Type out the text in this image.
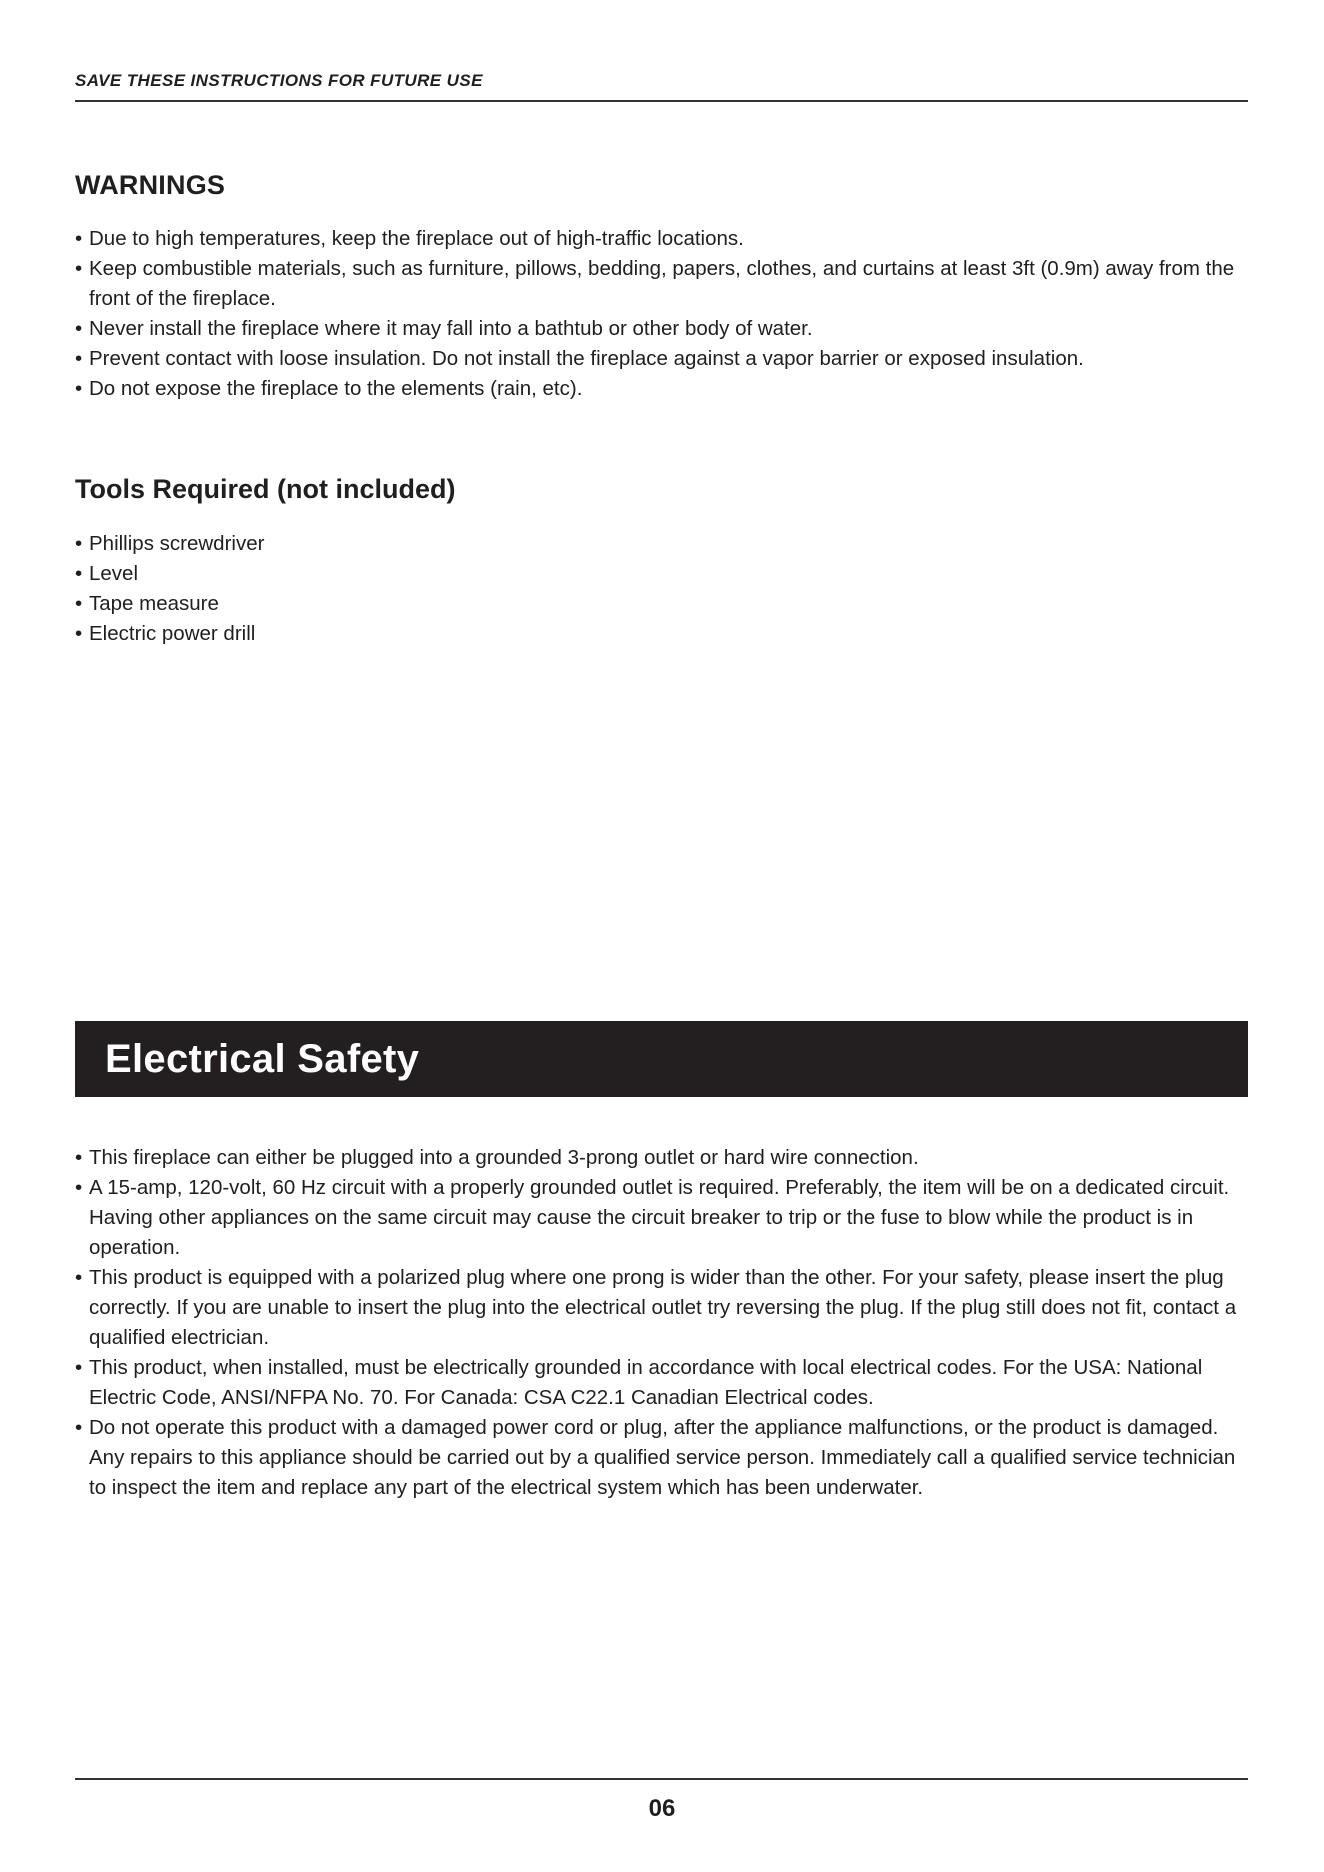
SAVE THESE INSTRUCTIONS FOR FUTURE USE
WARNINGS
• Due to high temperatures, keep the fireplace out of high-traffic locations.
• Keep combustible materials, such as furniture, pillows, bedding, papers, clothes, and curtains at least 3ft (0.9m) away from the front of the fireplace.
• Never install the fireplace where it may fall into a bathtub or other body of water.
• Prevent contact with loose insulation. Do not install the fireplace against a vapor barrier or exposed insulation.
• Do not expose the fireplace to the elements (rain, etc).
Tools Required (not included)
• Phillips screwdriver
• Level
• Tape measure
• Electric power drill
Electrical Safety
• This fireplace can either be plugged into a grounded 3-prong outlet or hard wire connection.
• A 15-amp, 120-volt, 60 Hz circuit with a properly grounded outlet is required. Preferably, the item will be on a dedicated circuit. Having other appliances on the same circuit may cause the circuit breaker to trip or the fuse to blow while the product is in operation.
• This product is equipped with a polarized plug where one prong is wider than the other. For your safety, please insert the plug correctly. If you are unable to insert the plug into the electrical outlet try reversing the plug. If the plug still does not fit, contact a qualified electrician.
• This product, when installed, must be electrically grounded in accordance with local electrical codes. For the USA: National Electric Code, ANSI/NFPA No. 70. For Canada: CSA C22.1 Canadian Electrical codes.
• Do not operate this product with a damaged power cord or plug, after the appliance malfunctions, or the product is damaged. Any repairs to this appliance should be carried out by a qualified service person. Immediately call a qualified service technician to inspect the item and replace any part of the electrical system which has been underwater.
06
